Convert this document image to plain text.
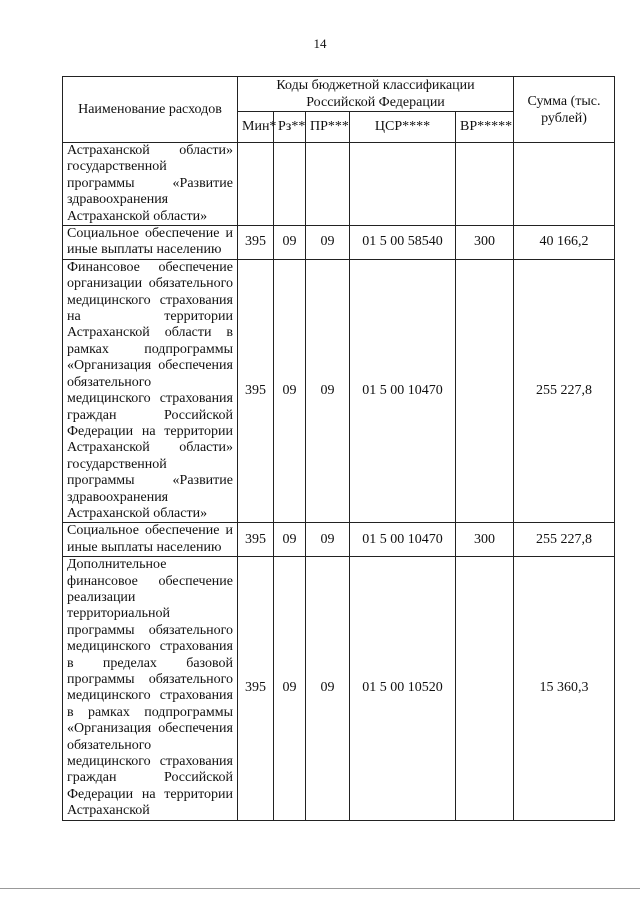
14
Наименование расходов	Коды бюджетной классификации Российской Федерации					Сумма (тыс. рублей)
	Мин*	Рз**	ПР***	ЦСР****	ВР*****	
Астраханской области» государственной программы «Развитие здравоохранения Астраханской области»						
Социальное обеспечение и иные выплаты населению	395	09	09	01 5 00 58540	300	40 166,2
Финансовое обеспечение организации обязательного медицинского страхования на территории Астраханской области в рамках подпрограммы «Организация обеспечения обязательного медицинского страхования граждан Российской Федерации на территории Астраханской области» государственной программы «Развитие здравоохранения Астраханской области»	395	09	09	01 5 00 10470		255 227,8
Социальное обеспечение и иные выплаты населению	395	09	09	01 5 00 10470	300	255 227,8
Дополнительное финансовое обеспечение реализации территориальной программы обязательного медицинского страхования в пределах базовой программы обязательного медицинского страхования в рамках подпрограммы «Организация обеспечения обязательного медицинского страхования граждан Российской Федерации на территории Астраханской	395	09	09	01 5 00 10520		15 360,3
